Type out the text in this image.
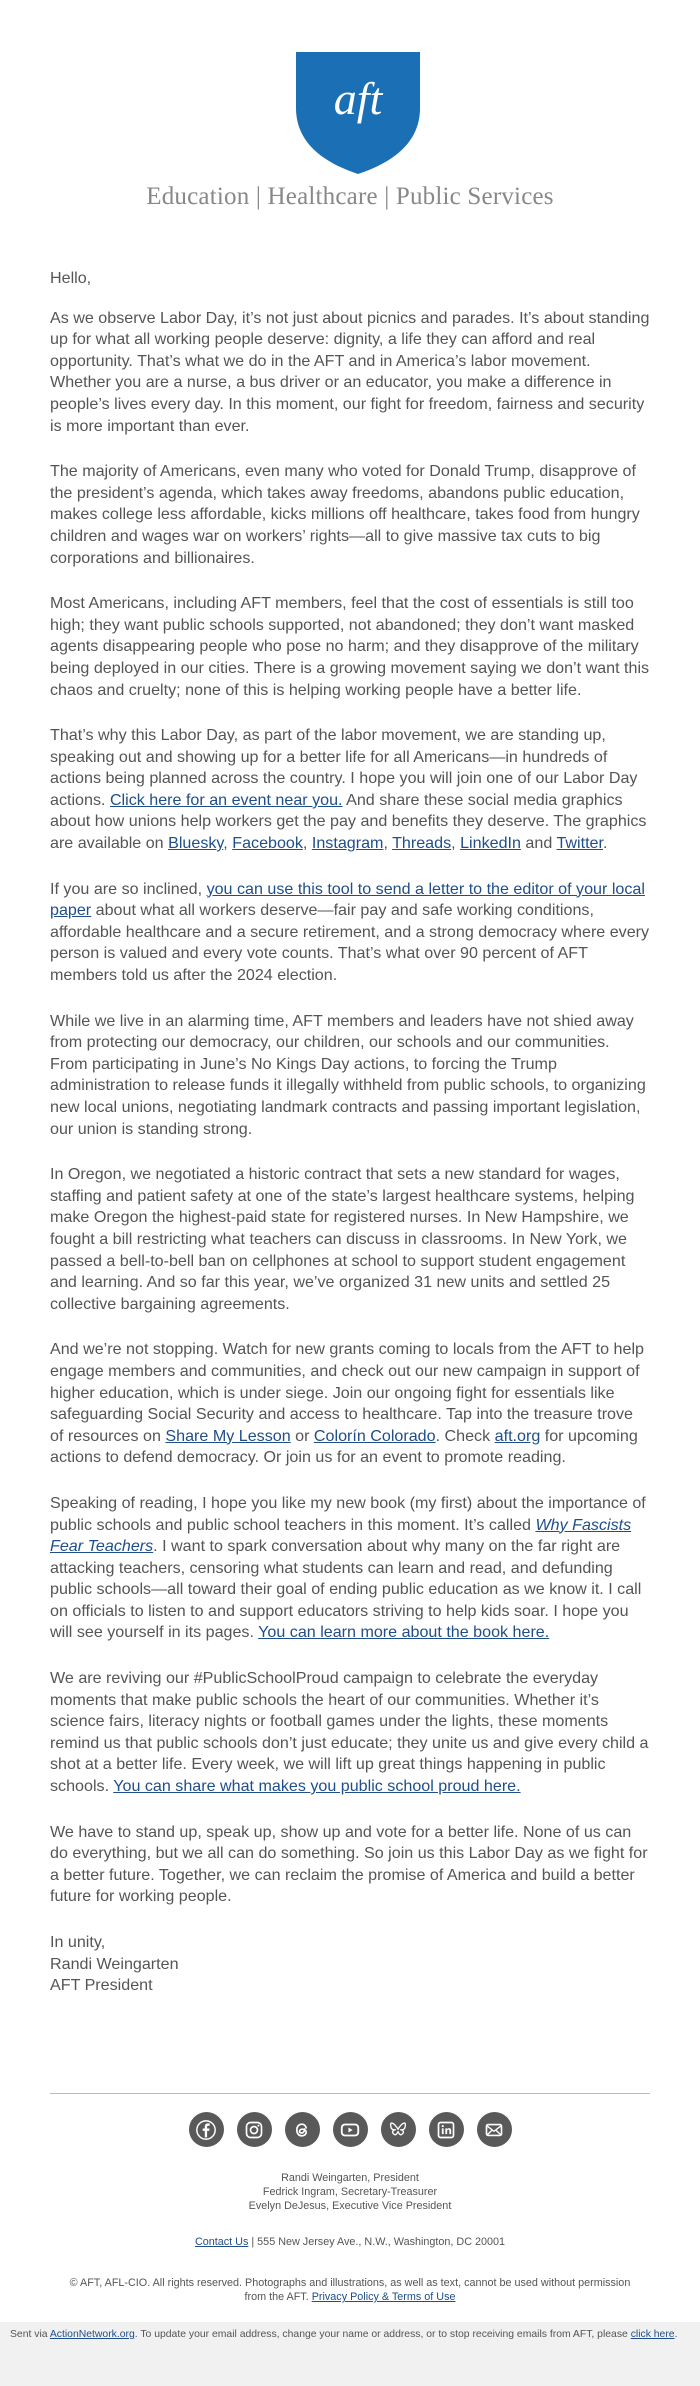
aft
Education | Healthcare | Public Services

Hello,

As we observe Labor Day, it’s not just about picnics and parades. It’s about standing up for what all working people deserve: dignity, a life they can afford and real opportunity. That’s what we do in the AFT and in America’s labor movement. Whether you are a nurse, a bus driver or an educator, you make a difference in people’s lives every day. In this moment, our fight for freedom, fairness and security is more important than ever.

The majority of Americans, even many who voted for Donald Trump, disapprove of the president’s agenda, which takes away freedoms, abandons public education, makes college less affordable, kicks millions off healthcare, takes food from hungry children and wages war on workers’ rights—all to give massive tax cuts to big corporations and billionaires.

Most Americans, including AFT members, feel that the cost of essentials is still too high; they want public schools supported, not abandoned; they don’t want masked agents disappearing people who pose no harm; and they disapprove of the military being deployed in our cities. There is a growing movement saying we don’t want this chaos and cruelty; none of this is helping working people have a better life.

That’s why this Labor Day, as part of the labor movement, we are standing up, speaking out and showing up for a better life for all Americans—in hundreds of actions being planned across the country. I hope you will join one of our Labor Day actions. Click here for an event near you. And share these social media graphics about how unions help workers get the pay and benefits they deserve. The graphics are available on Bluesky, Facebook, Instagram, Threads, LinkedIn and Twitter.

If you are so inclined, you can use this tool to send a letter to the editor of your local paper about what all workers deserve—fair pay and safe working conditions, affordable healthcare and a secure retirement, and a strong democracy where every person is valued and every vote counts. That’s what over 90 percent of AFT members told us after the 2024 election.

While we live in an alarming time, AFT members and leaders have not shied away from protecting our democracy, our children, our schools and our communities. From participating in June’s No Kings Day actions, to forcing the Trump administration to release funds it illegally withheld from public schools, to organizing new local unions, negotiating landmark contracts and passing important legislation, our union is standing strong.

In Oregon, we negotiated a historic contract that sets a new standard for wages, staffing and patient safety at one of the state’s largest healthcare systems, helping make Oregon the highest-paid state for registered nurses. In New Hampshire, we fought a bill restricting what teachers can discuss in classrooms. In New York, we passed a bell-to-bell ban on cellphones at school to support student engagement and learning. And so far this year, we’ve organized 31 new units and settled 25 collective bargaining agreements.

And we’re not stopping. Watch for new grants coming to locals from the AFT to help engage members and communities, and check out our new campaign in support of higher education, which is under siege. Join our ongoing fight for essentials like safeguarding Social Security and access to healthcare. Tap into the treasure trove of resources on Share My Lesson or Colorín Colorado. Check aft.org for upcoming actions to defend democracy. Or join us for an event to promote reading.

Speaking of reading, I hope you like my new book (my first) about the importance of public schools and public school teachers in this moment. It’s called Why Fascists Fear Teachers. I want to spark conversation about why many on the far right are attacking teachers, censoring what students can learn and read, and defunding public schools—all toward their goal of ending public education as we know it. I call on officials to listen to and support educators striving to help kids soar. I hope you will see yourself in its pages. You can learn more about the book here.

We are reviving our #PublicSchoolProud campaign to celebrate the everyday moments that make public schools the heart of our communities. Whether it’s science fairs, literacy nights or football games under the lights, these moments remind us that public schools don’t just educate; they unite us and give every child a shot at a better life. Every week, we will lift up great things happening in public schools. You can share what makes you public school proud here.

We have to stand up, speak up, show up and vote for a better life. None of us can do everything, but we all can do something. So join us this Labor Day as we fight for a better future. Together, we can reclaim the promise of America and build a better future for working people.

In unity,
Randi Weingarten
AFT President
Randi Weingarten, President
Fedrick Ingram, Secretary-Treasurer
Evelyn DeJesus, Executive Vice President
Contact Us | 555 New Jersey Ave., N.W., Washington, DC 20001
© AFT, AFL-CIO. All rights reserved. Photographs and illustrations, as well as text, cannot be used without permission from the AFT. Privacy Policy & Terms of Use

Sent via ActionNetwork.org. To update your email address, change your name or address, or to stop receiving emails from AFT, please click here.
